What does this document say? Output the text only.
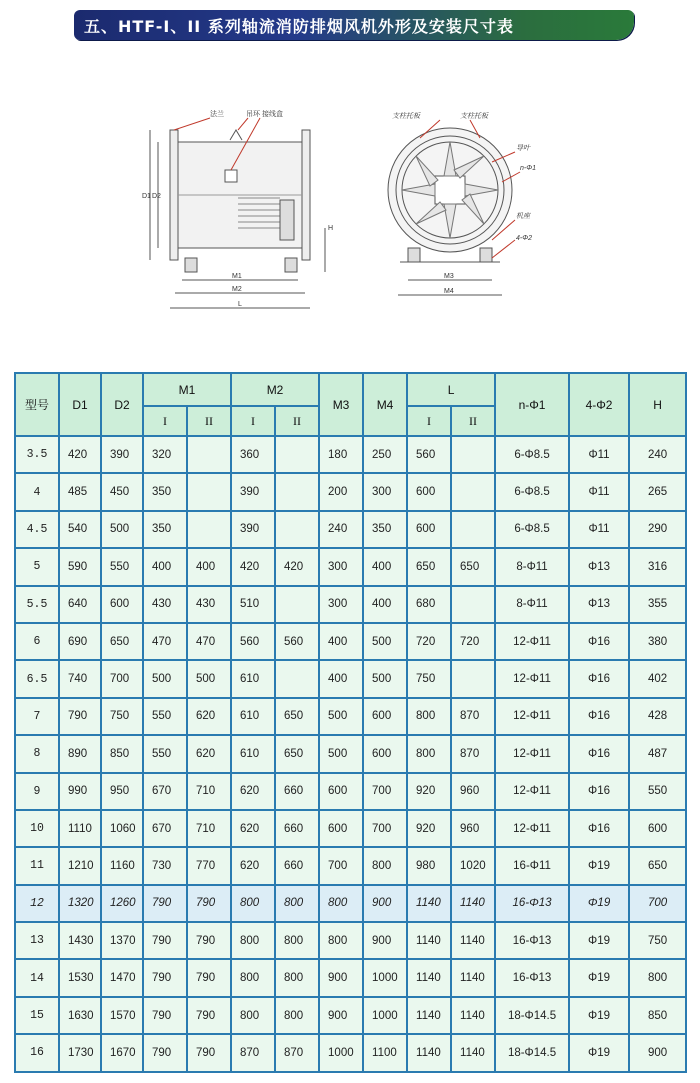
五、HTF-I、II 系列轴流消防排烟风机外形及安装尺寸表
法兰	吊环 接线盒
D1 D2
M1
M2
L
H
支柱托板	支柱托板
导叶
n-Φ1
机座
4-Φ2
M3
M4
型号	D1	D2	M1		M2		M3	M4	L		n-Φ1	4-Φ2	H
			I	II	I	II			I	II			
3.5	420	390	320		360		180	250	560		6-Φ8.5	Φ11	240
4	485	450	350		390		200	300	600		6-Φ8.5	Φ11	265
4.5	540	500	350		390		240	350	600		6-Φ8.5	Φ11	290
5	590	550	400	400	420	420	300	400	650	650	8-Φ11	Φ13	316
5.5	640	600	430	430	510		300	400	680		8-Φ11	Φ13	355
6	690	650	470	470	560	560	400	500	720	720	12-Φ11	Φ16	380
6.5	740	700	500	500	610		400	500	750		12-Φ11	Φ16	402
7	790	750	550	620	610	650	500	600	800	870	12-Φ11	Φ16	428
8	890	850	550	620	610	650	500	600	800	870	12-Φ11	Φ16	487
9	990	950	670	710	620	660	600	700	920	960	12-Φ11	Φ16	550
10	1110	1060	670	710	620	660	600	700	920	960	12-Φ11	Φ16	600
11	1210	1160	730	770	620	660	700	800	980	1020	16-Φ11	Φ19	650
12	1320	1260	790	790	800	800	800	900	1140	1140	16-Φ13	Φ19	700
13	1430	1370	790	790	800	800	800	900	1140	1140	16-Φ13	Φ19	750
14	1530	1470	790	790	800	800	900	1000	1140	1140	16-Φ13	Φ19	800
15	1630	1570	790	790	800	800	900	1000	1140	1140	18-Φ14.5	Φ19	850
16	1730	1670	790	790	870	870	1000	1100	1140	1140	18-Φ14.5	Φ19	900
